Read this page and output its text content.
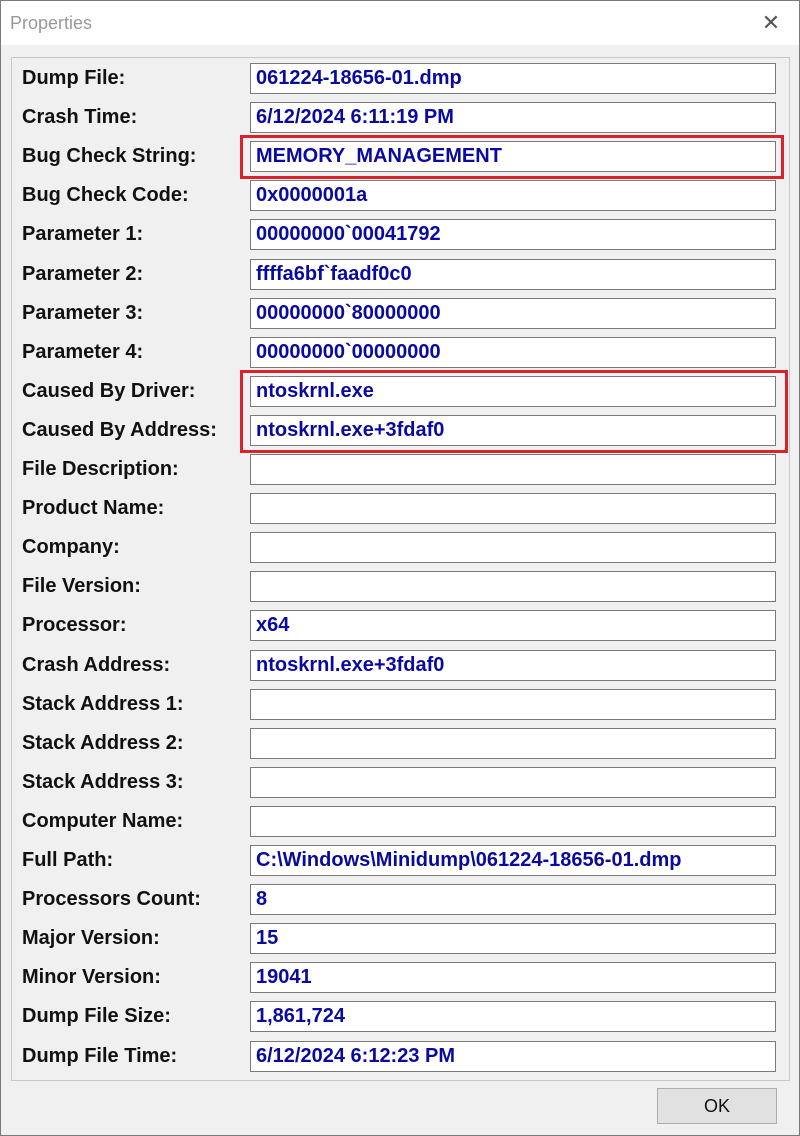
Properties	✕
Dump File:	061224-18656-01.dmp
Crash Time:	6/12/2024 6:11:19 PM
Bug Check String:	MEMORY_MANAGEMENT
Bug Check Code:	0x0000001a
Parameter 1:	00000000`00041792
Parameter 2:	ffffa6bf`faadf0c0
Parameter 3:	00000000`80000000
Parameter 4:	00000000`00000000
Caused By Driver:	ntoskrnl.exe
Caused By Address:	ntoskrnl.exe+3fdaf0
File Description:
Product Name:
Company:
File Version:
Processor:	x64
Crash Address:	ntoskrnl.exe+3fdaf0
Stack Address 1:
Stack Address 2:
Stack Address 3:
Computer Name:
Full Path:	C:\Windows\Minidump\061224-18656-01.dmp
Processors Count:	8
Major Version:	15
Minor Version:	19041
Dump File Size:	1,861,724
Dump File Time:	6/12/2024 6:12:23 PM
OK
